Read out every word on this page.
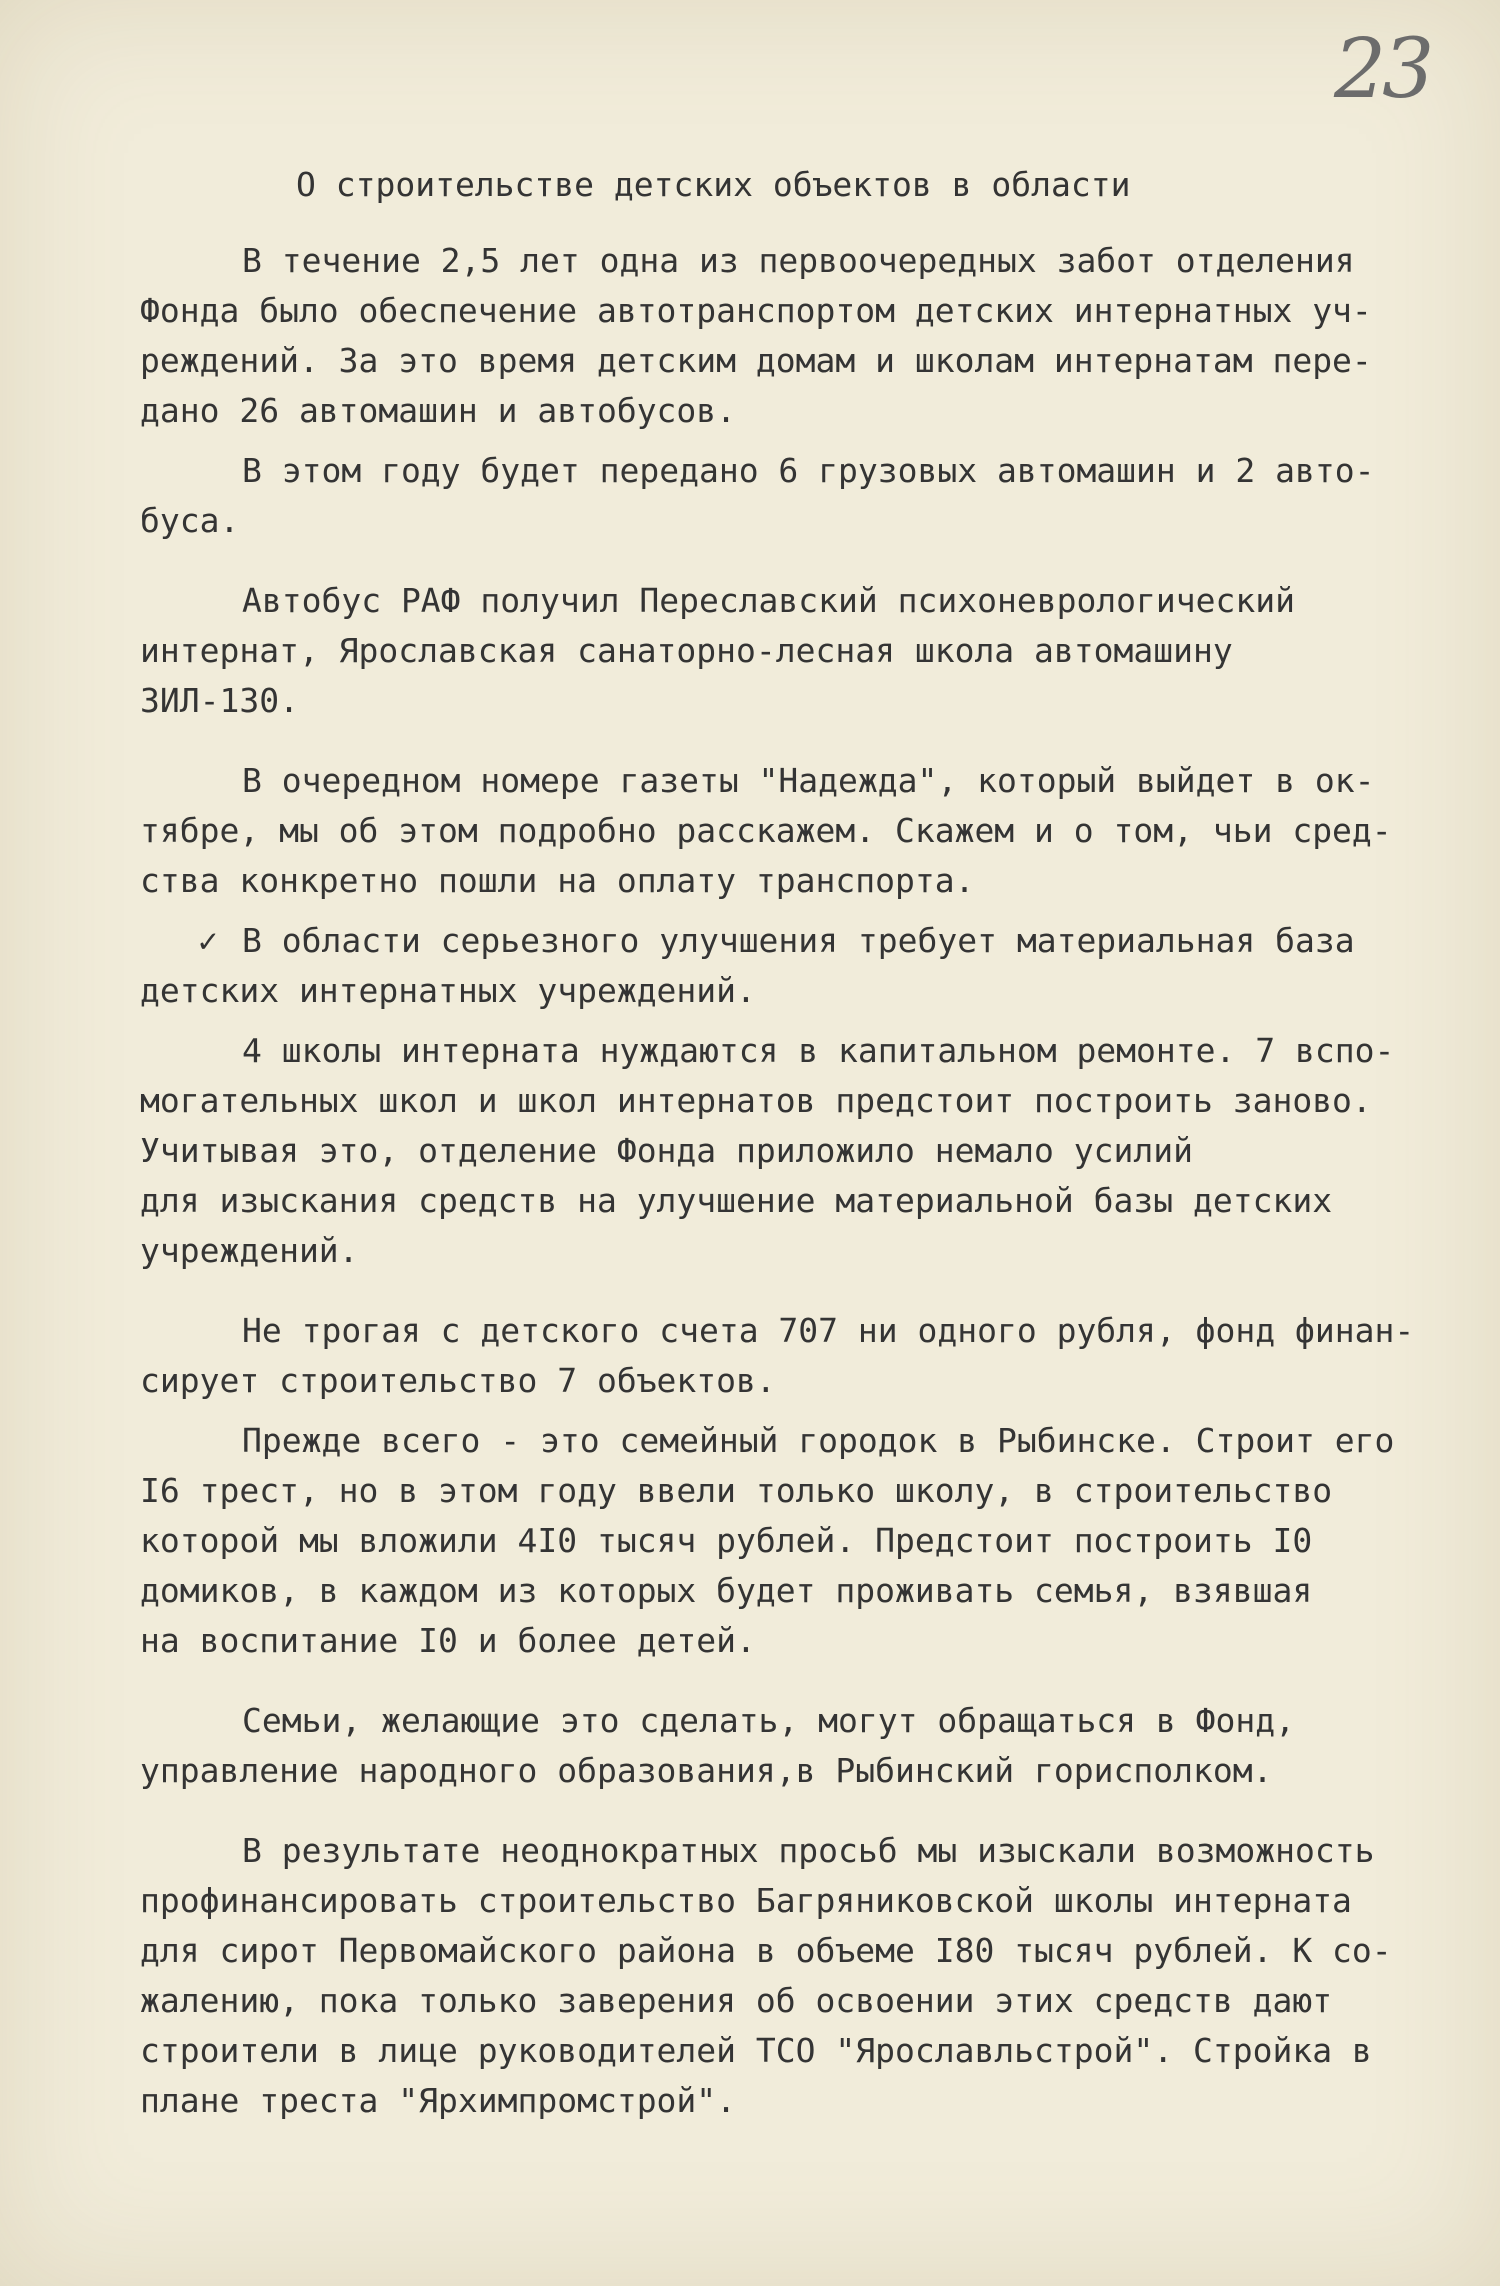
23
О строительстве детских объектов в области

В течение 2,5 лет одна из первоочередных забот отделения
Фонда было обеспечение автотранспортом детских интернатных уч-
реждений. За это время детским домам и школам интернатам пере-
дано 26 автомашин и автобусов.

В этом году будет передано 6 грузовых автомашин и 2 авто-
буса.

Автобус РАФ получил Переславский психоневрологический
интернат, Ярославская санаторно-лесная школа автомашину
ЗИЛ-130.

В очередном номере газеты "Надежда", который выйдет в ок-
тябре, мы об этом подробно расскажем. Скажем и о том, чьи сред-
ства конкретно пошли на оплату транспорта.

✓ В области серьезного улучшения требует материальная база
детских интернатных учреждений.

4 школы интерната нуждаются в капитальном ремонте. 7 вспо-
могательных школ и школ интернатов предстоит построить заново.
Учитывая это, отделение Фонда приложило немало усилий
для изыскания средств на улучшение материальной базы детских
учреждений.

Не трогая с детского счета 707 ни одного рубля, фонд финан-
сирует строительство 7 объектов.

Прежде всего - это семейный городок в Рыбинске. Строит его
I6 трест, но в этом году ввели только школу, в строительство
которой мы вложили 4I0 тысяч рублей. Предстоит построить I0
домиков, в каждом из которых будет проживать семья, взявшая
на воспитание I0 и более детей.

Семьи, желающие это сделать, могут обращаться в Фонд,
управление народного образования,в Рыбинский горисполком.

В результате неоднократных просьб мы изыскали возможность
профинансировать строительство Багряниковской школы интерната
для сирот Первомайского района в объеме I80 тысяч рублей. К со-
жалению, пока только заверения об освоении этих средств дают
строители в лице руководителей ТСО "Ярославльстрой". Стройка в
плане треста "Ярхимпромстрой".
